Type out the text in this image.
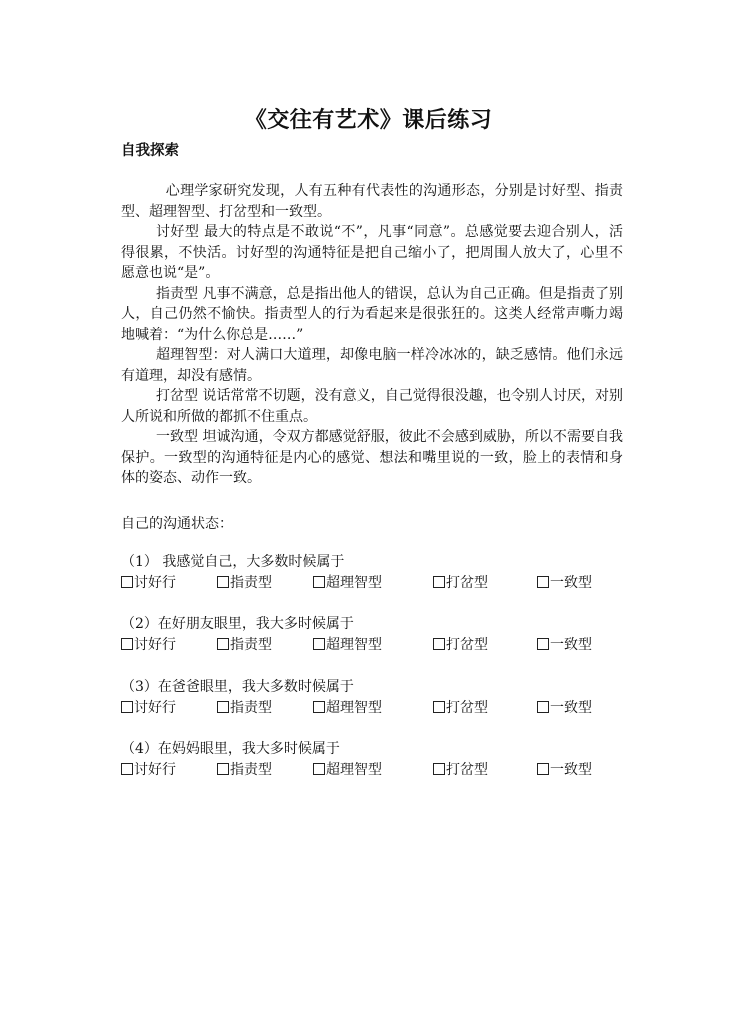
《交往有艺术》课后练习
自我探索

心理学家研究发现，人有五种有代表性的沟通形态，分别是讨好型、指责型、超理智型、打岔型和一致型。

讨好型 最大的特点是不敢说“不”，凡事“同意”。总感觉要去迎合别人，活得很累，不快活。讨好型的沟通特征是把自己缩小了，把周围人放大了，心里不愿意也说“是”。

指责型 凡事不满意，总是指出他人的错误，总认为自己正确。但是指责了别人，自己仍然不愉快。指责型人的行为看起来是很张狂的。这类人经常声嘶力竭地喊着：“为什么你总是……”

超理智型：对人满口大道理，却像电脑一样冷冰冰的，缺乏感情。他们永远有道理，却没有感情。

打岔型 说话常常不切题，没有意义，自己觉得很没趣，也令别人讨厌，对别人所说和所做的都抓不住重点。

一致型 坦诚沟通，令双方都感觉舒服，彼此不会感到威胁，所以不需要自我保护。一致型的沟通特征是内心的感觉、想法和嘴里说的一致，脸上的表情和身体的姿态、动作一致。

自己的沟通状态：
（1） 我感觉自己，大多数时候属于
讨好行	指责型	超理智型	打岔型	一致型
（2）在好朋友眼里，我大多时候属于
讨好行	指责型	超理智型	打岔型	一致型
（3）在爸爸眼里，我大多数时候属于
讨好行	指责型	超理智型	打岔型	一致型
（4）在妈妈眼里，我大多时候属于
讨好行	指责型	超理智型	打岔型	一致型
